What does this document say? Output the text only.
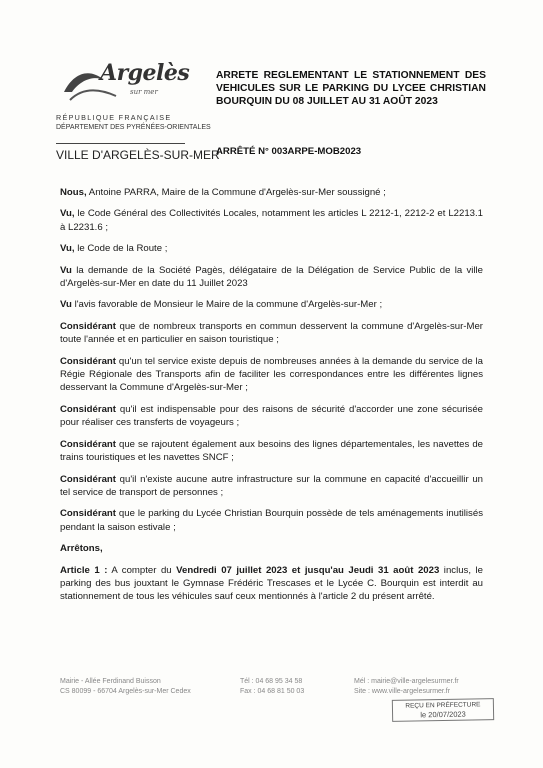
Argelès
sur mer
RÉPUBLIQUE FRANÇAISE
DÉPARTEMENT DES PYRÉNÉES-ORIENTALES
VILLE D'ARGELÈS-SUR-MER
ARRETE REGLEMENTANT LE STATIONNEMENT DES VEHICULES SUR LE PARKING DU LYCEE CHRISTIAN BOURQUIN DU 08 JUILLET AU 31 AOÛT 2023
ARRÊTÉ N° 003ARPE-MOB2023

Nous, Antoine PARRA, Maire de la Commune d'Argelès-sur-Mer soussigné ;

Vu, le Code Général des Collectivités Locales, notamment les articles L 2212-1, 2212-2 et L2213.1 à L2231.6 ;

Vu, le Code de la Route ;

Vu la demande de la Société Pagès, délégataire de la Délégation de Service Public de la ville d'Argelès-sur-Mer en date du 11 Juillet 2023

Vu l'avis favorable de Monsieur le Maire de la commune d'Argelès-sur-Mer ;

Considérant que de nombreux transports en commun desservent la commune d'Argelès-sur-Mer toute l'année et en particulier en saison touristique ;

Considérant qu'un tel service existe depuis de nombreuses années à la demande du service de la Régie Régionale des Transports afin de faciliter les correspondances entre les différentes lignes desservant la Commune d'Argelès-sur-Mer ;

Considérant qu'il est indispensable pour des raisons de sécurité d'accorder une zone sécurisée pour réaliser ces transferts de voyageurs ;

Considérant que se rajoutent également aux besoins des lignes départementales, les navettes de trains touristiques et les navettes SNCF ;

Considérant qu'il n'existe aucune autre infrastructure sur la commune en capacité d'accueillir un tel service de transport de personnes ;

Considérant que le parking du Lycée Christian Bourquin possède de tels aménagements inutilisés pendant la saison estivale ;

Arrêtons,

Article 1 : A compter du Vendredi 07 juillet 2023 et jusqu'au Jeudi 31 août 2023 inclus, le parking des bus jouxtant le Gymnase Frédéric Trescases et le Lycée C. Bourquin est interdit au stationnement de tous les véhicules sauf ceux mentionnés à l'article 2 du présent arrêté.

Mairie - Allée Ferdinand Buisson
CS 80099 - 66704 Argelès-sur-Mer Cedex
Tél : 04 68 95 34 58
Fax : 04 68 81 50 03
Mél : mairie@ville-argelesurmer.fr
Site : www.ville-argelesurmer.fr
REÇU EN PRÉFECTURE
le 20/07/2023
